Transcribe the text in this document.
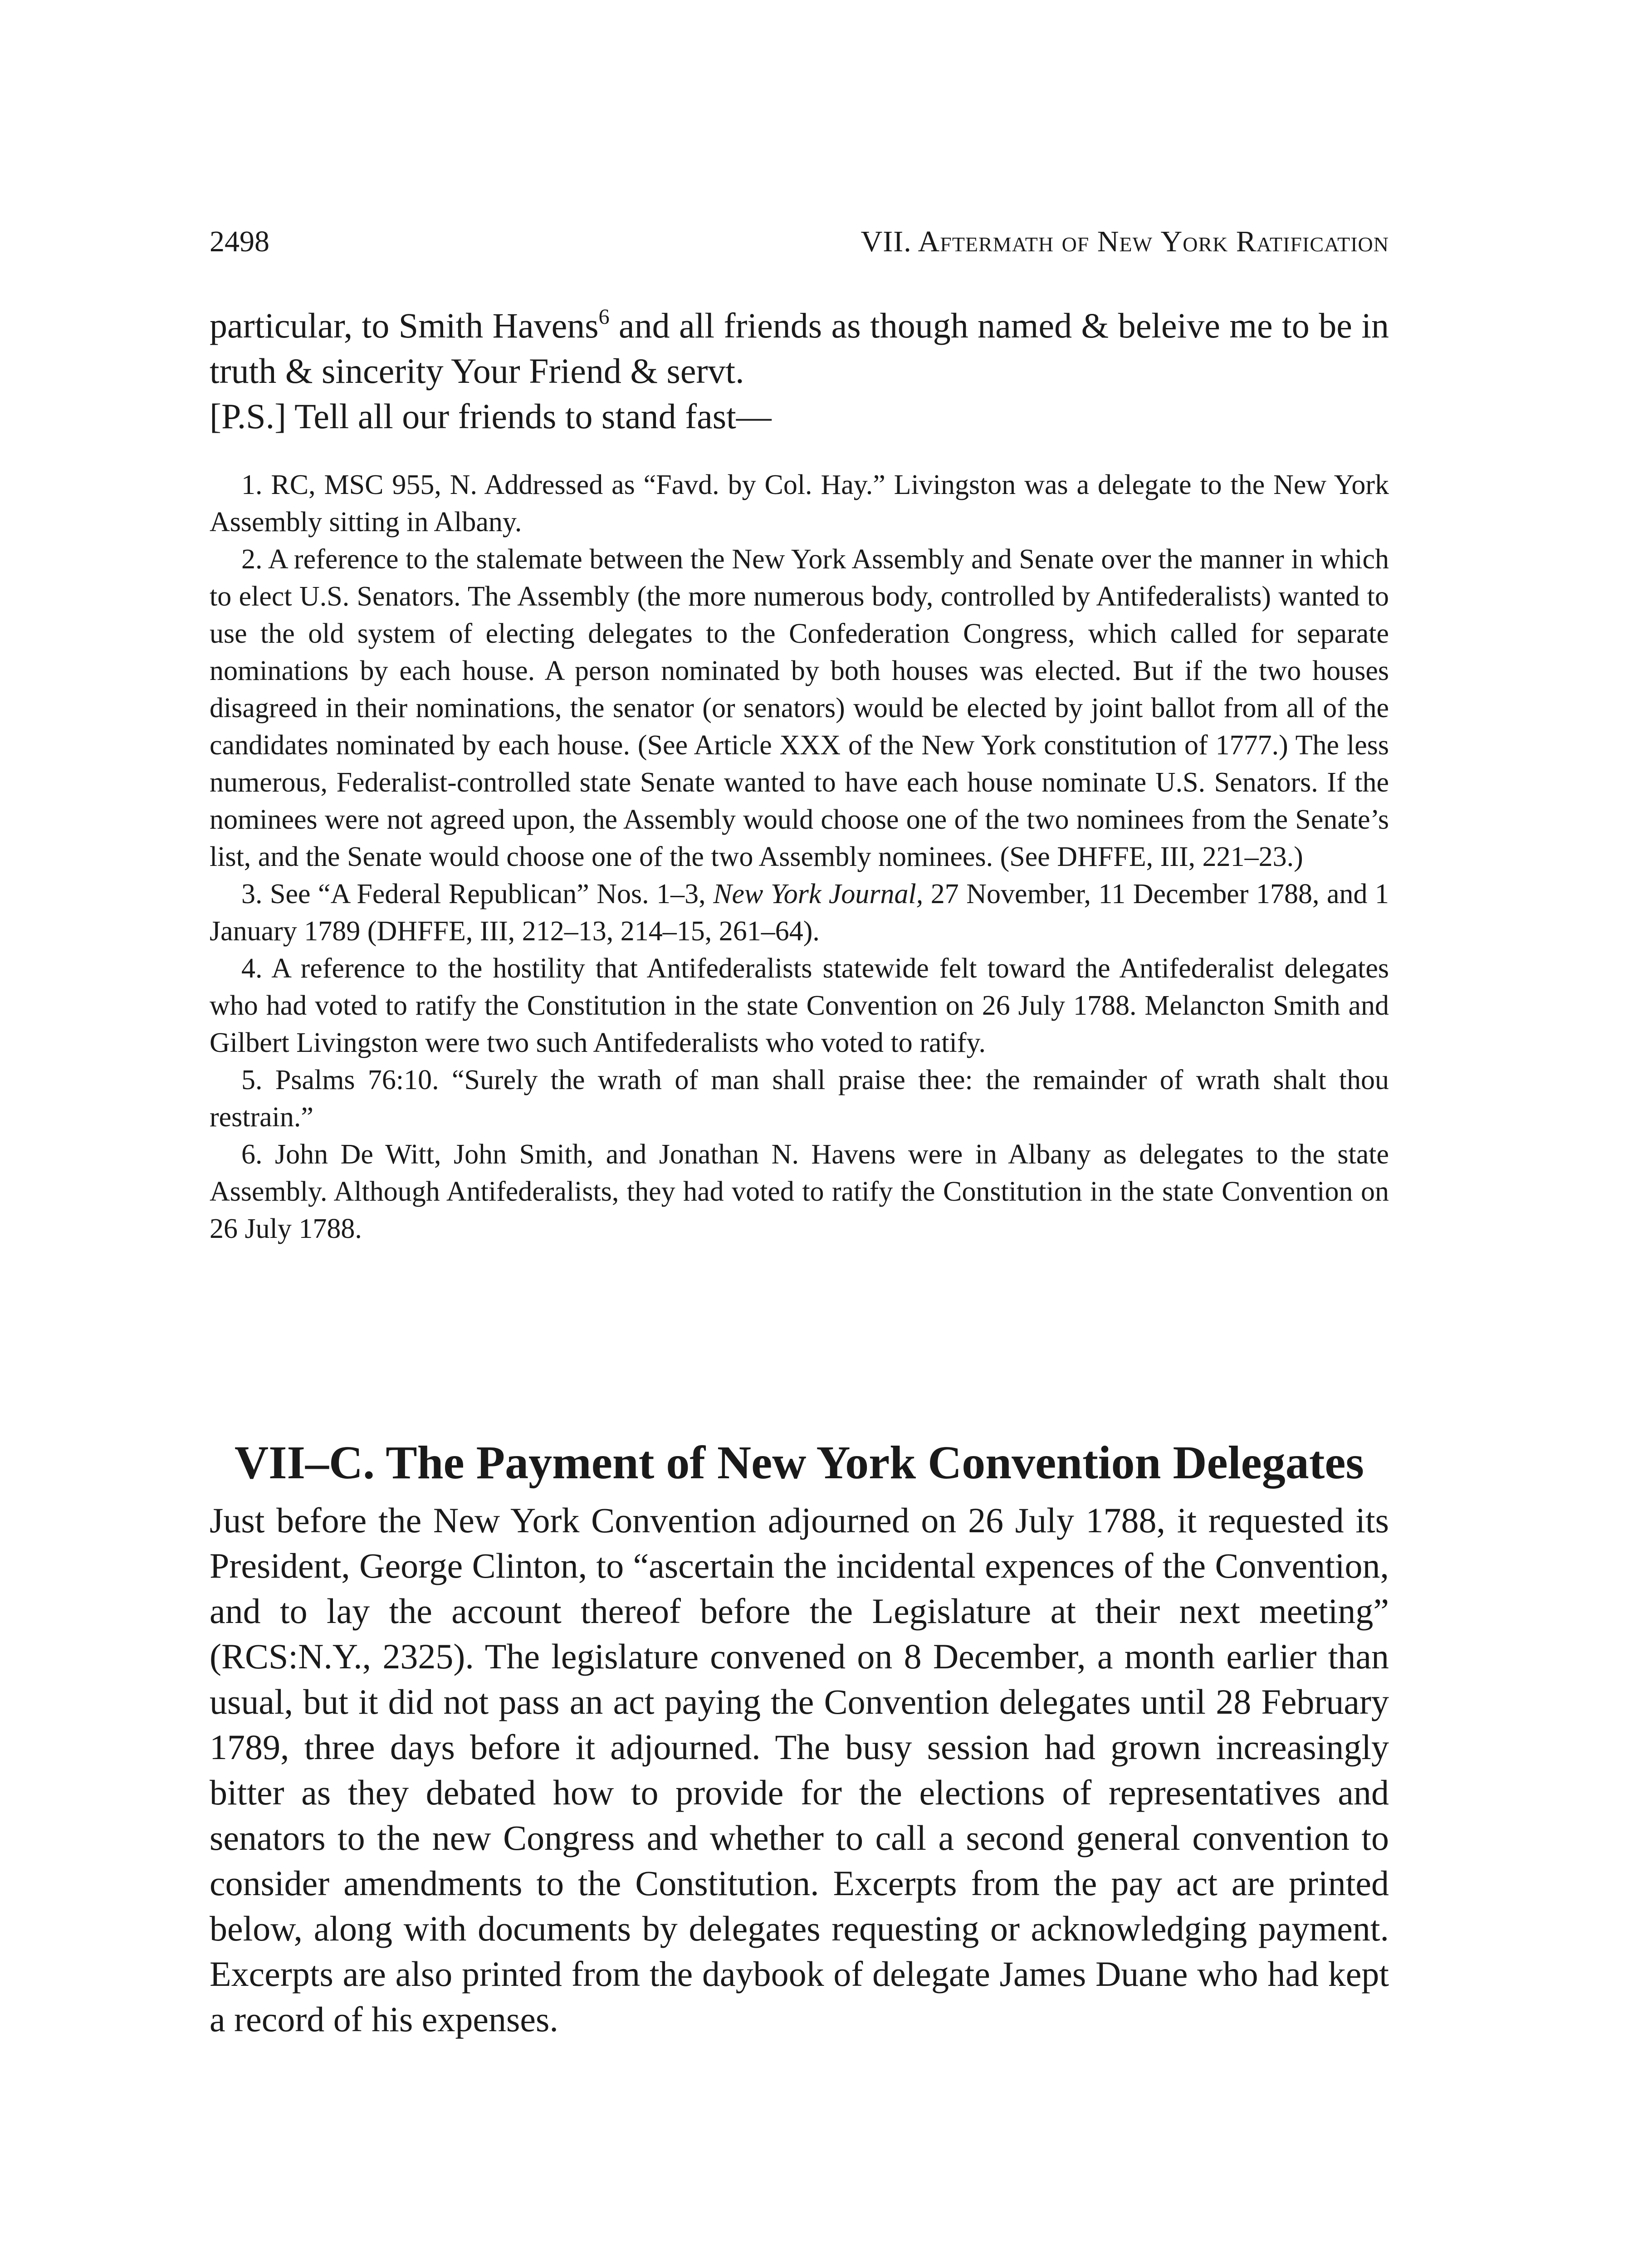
2498	VII. Aftermath of New York Ratification

particular, to Smith Havens$^6$ and all friends as though named & beleive me to be in truth & sincerity Your Friend & servt.

[P.S.] Tell all our friends to stand fast—

1. RC, MSC 955, N. Addressed as “Favd. by Col. Hay.” Livingston was a delegate to the New York Assembly sitting in Albany.

2. A reference to the stalemate between the New York Assembly and Senate over the manner in which to elect U.S. Senators. The Assembly (the more numerous body, controlled by Antifederalists) wanted to use the old system of electing delegates to the Confederation Congress, which called for separate nominations by each house. A person nominated by both houses was elected. But if the two houses disagreed in their nominations, the senator (or senators) would be elected by joint ballot from all of the candidates nominated by each house. (See Article XXX of the New York constitution of 1777.) The less numerous, Federalist-controlled state Senate wanted to have each house nominate U.S. Senators. If the nominees were not agreed upon, the Assembly would choose one of the two nominees from the Senate’s list, and the Senate would choose one of the two Assembly nominees. (See DHFFE, III, 221–23.)

3. See “A Federal Republican” Nos. 1–3, New York Journal, 27 November, 11 December 1788, and 1 January 1789 (DHFFE, III, 212–13, 214–15, 261–64).

4. A reference to the hostility that Antifederalists statewide felt toward the Antifederalist delegates who had voted to ratify the Constitution in the state Convention on 26 July 1788. Melancton Smith and Gilbert Livingston were two such Antifederalists who voted to ratify.

5. Psalms 76:10. “Surely the wrath of man shall praise thee: the remainder of wrath shalt thou restrain.”

6. John De Witt, John Smith, and Jonathan N. Havens were in Albany as delegates to the state Assembly. Although Antifederalists, they had voted to ratify the Constitution in the state Convention on 26 July 1788.

VII–C. The Payment of New York Convention Delegates

Just before the New York Convention adjourned on 26 July 1788, it requested its President, George Clinton, to “ascertain the incidental expences of the Convention, and to lay the account thereof before the Legislature at their next meeting” (RCS:N.Y., 2325). The legislature convened on 8 December, a month earlier than usual, but it did not pass an act paying the Convention delegates until 28 February 1789, three days before it adjourned. The busy session had grown increasingly bitter as they debated how to provide for the elections of representatives and senators to the new Congress and whether to call a second general convention to consider amendments to the Constitution. Excerpts from the pay act are printed below, along with documents by delegates requesting or acknowledging payment. Excerpts are also printed from the daybook of delegate James Duane who had kept a record of his expenses.
